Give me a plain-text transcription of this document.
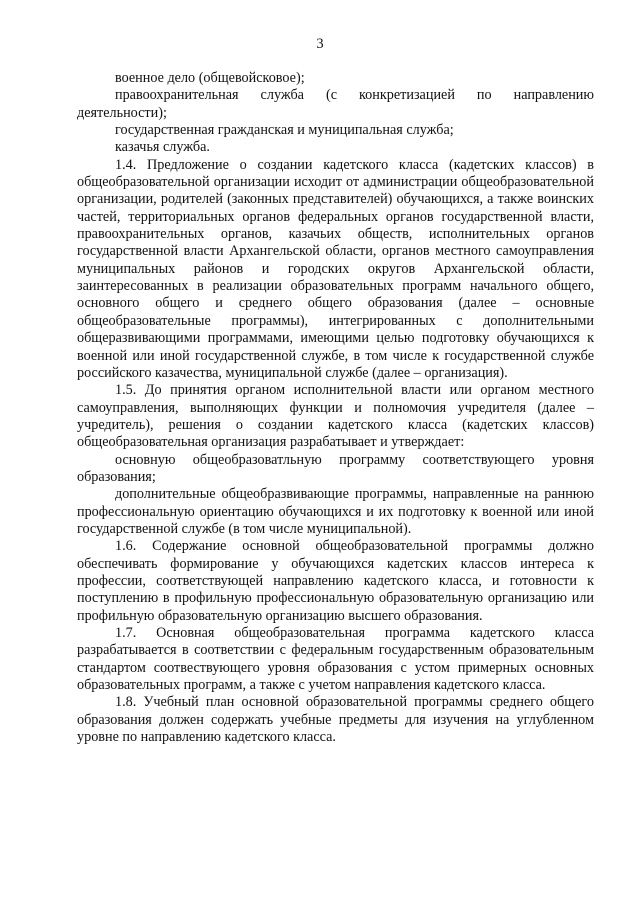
3

военное дело (общевойсковое);

правоохранительная служба (с конкретизацией по направлению деятельности);

государственная гражданская и муниципальная служба;

казачья служба.

1.4. Предложение о создании кадетского класса (кадетских классов) в общеобразовательной организации исходит от администрации общеобразовательной организации, родителей (законных представителей) обучающихся, а также воинских частей, территориальных органов федеральных органов государственной власти, правоохранительных органов, казачьих обществ, исполнительных органов государственной власти Архангельской области, органов местного самоуправления муниципальных районов и городских округов Архангельской области, заинтересованных в реализации образовательных программ начального общего, основного общего и среднего общего образования (далее – основные общеобразовательные программы), интегрированных с дополнительными общеразвивающими программами, имеющими целью подготовку обучающихся к военной или иной государственной службе, в том числе к государственной службе российского казачества, муниципальной службе (далее – организация).

1.5. До принятия органом исполнительной власти или органом местного самоуправления, выполняющих функции и полномочия учредителя (далее – учредитель), решения о создании кадетского класса (кадетских классов) общеобразовательная организация разрабатывает и утверждает:

основную общеобразоватльную программу соответствующего уровня образования;

дополнительные общеобразвивающие программы, направленные на раннюю профессиональную ориентацию обучающихся и их подготовку к военной или иной государственной службе (в том числе муниципальной).

1.6. Содержание основной общеобразовательной программы должно обеспечивать формирование у обучающихся кадетских классов интереса к профессии, соответствующей направлению кадетского класса, и готовности к поступлению в профильную профессиональную образовательную организацию или профильную образовательную организацию высшего образования.

1.7. Основная общеобразовательная программа кадетского класса разрабатывается в соответствии с федеральным государственным образовательным стандартом соотвествующего уровня образования с устом примерных основных образовательных программ, а также с учетом направления кадетского класса.

1.8. Учебный план основной образовательной программы среднего общего образования должен содержать учебные предметы для изучения на углубленном уровне по направлению кадетского класса.
